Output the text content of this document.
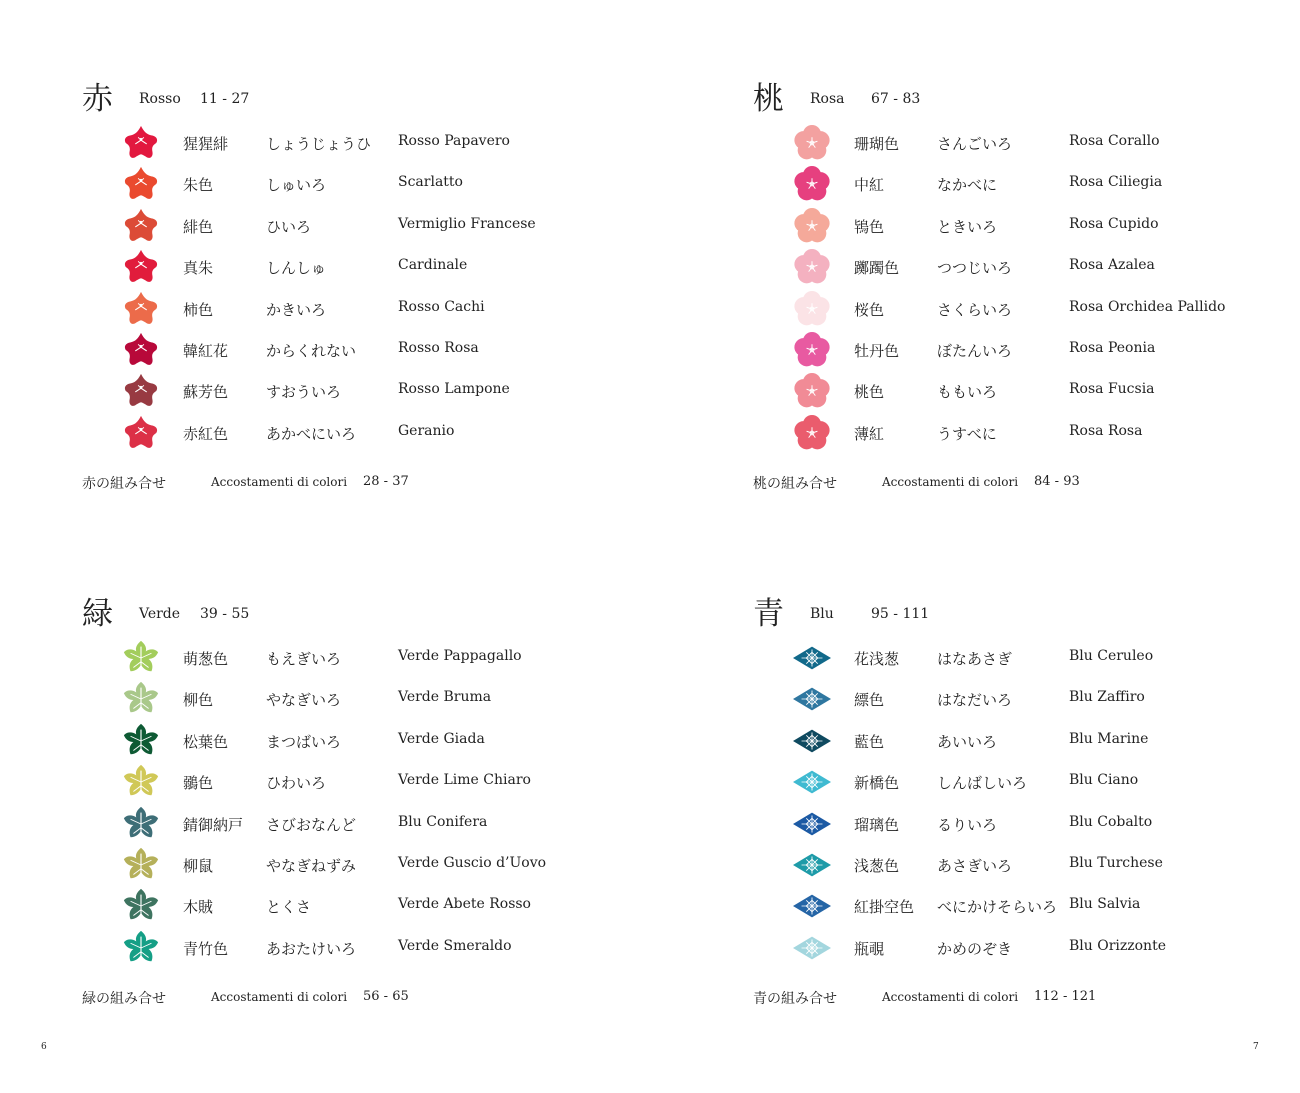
赤 Rosso 11 - 27
猩猩緋	しょうじょうひ Rosso Papavero
朱色	しゅいろ	Scarlatto
緋色	ひいろ	Vermiglio Francese
真朱	しんしゅ	Cardinale
柿色	かきいろ	Rosso Cachi
韓紅花	からくれない	Rosso Rosa
蘇芳色	すおういろ	Rosso Lampone
赤紅色	あかべにいろ	Geranio
赤の組み合せ	Accostamenti di colori 28 - 37
桃 Rosa 67 - 83
珊瑚色	さんごいろ	Rosa Corallo
中紅	なかべに	Rosa Ciliegia
鴇色	ときいろ	Rosa Cupido
躑躅色	つつじいろ	Rosa Azalea
桜色	さくらいろ	Rosa Orchidea Pallido
牡丹色	ぼたんいろ	Rosa Peonia
桃色	ももいろ	Rosa Fucsia
薄紅	うすべに	Rosa Rosa
桃の組み合せ	Accostamenti di colori 84 - 93
緑 Verde 39 - 55
萌葱色	もえぎいろ	Verde Pappagallo
柳色	やなぎいろ	Verde Bruma
松葉色	まつばいろ	Verde Giada
鶸色	ひわいろ	Verde Lime Chiaro
錆御納戸 さびおなんど	Blu Conifera
柳鼠	やなぎねずみ	Verde Guscio d’Uovo
木賊	とくさ	Verde Abete Rosso
青竹色	あおたけいろ	Verde Smeraldo
緑の組み合せ	Accostamenti di colori 56 - 65
青 Blu	95 - 111
花浅葱	はなあさぎ	Blu Ceruleo
縹色	はなだいろ	Blu Zaffiro
藍色	あいいろ	Blu Marine
新橋色	しんばしいろ	Blu Ciano
瑠璃色	るりいろ	Blu Cobalto
浅葱色	あさぎいろ	Blu Turchese
紅掛空色 べにかけそらいろ Blu Salvia
瓶覗	かめのぞき	Blu Orizzonte
青の組み合せ	Accostamenti di colori 112 - 121
6	7
